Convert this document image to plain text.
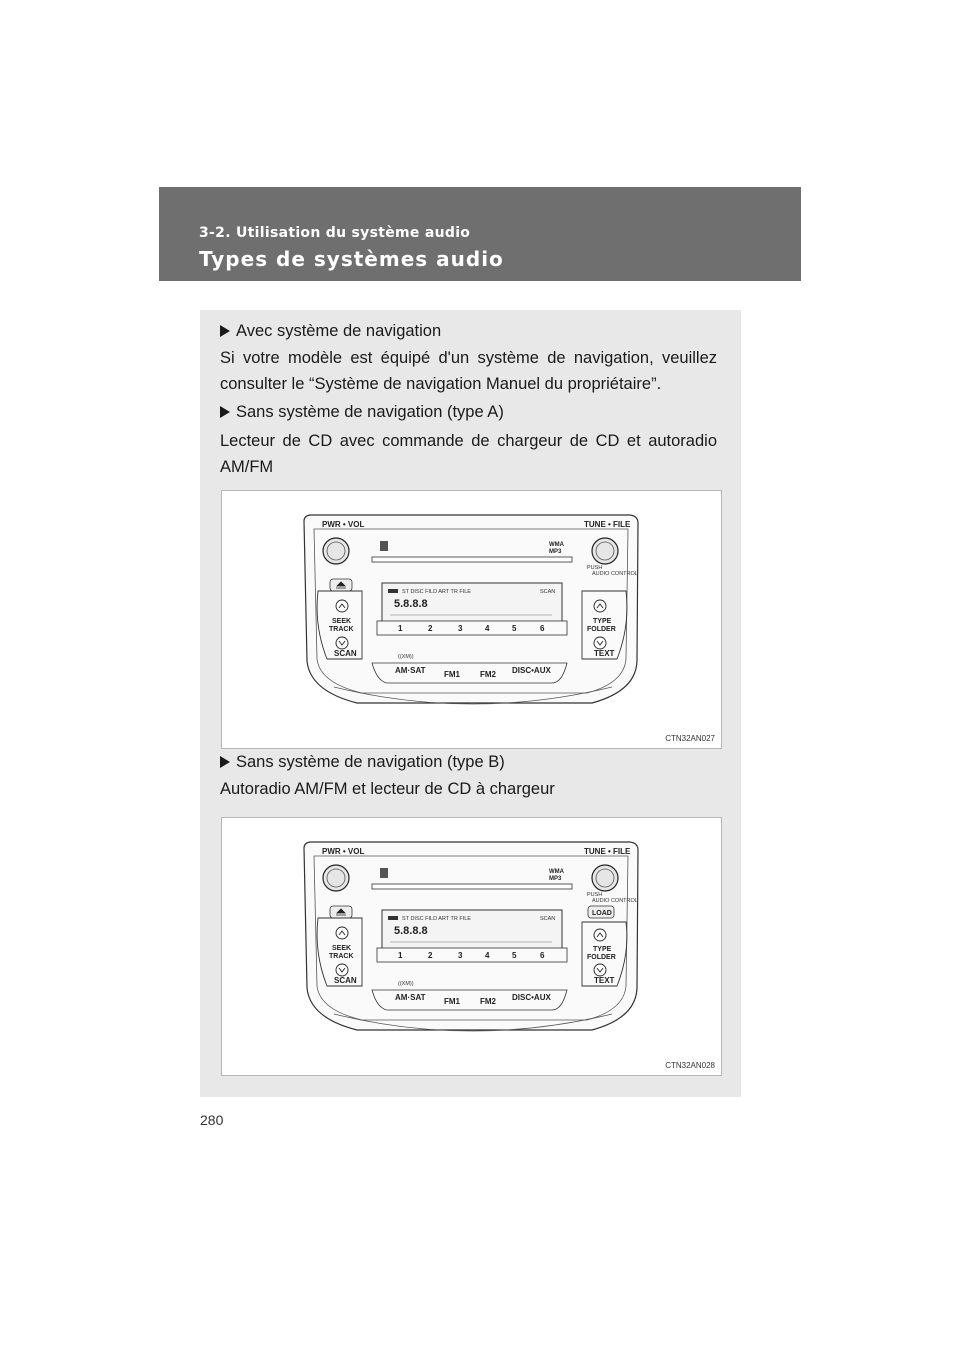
3-2. Utilisation du système audio
Types de systèmes audio
Avec système de navigation
Si votre modèle est équipé d'un système de navigation, veuillez consulter le “Système de navigation Manuel du propriétaire”.
Sans système de navigation (type A)
Lecteur de CD avec commande de chargeur de CD et autoradio AM/FM
PWR • VOL	TUNE • FILE
WMA
MP3
PUSH
AUDIO CONTROL
ST DISC FILD ART TR FILE	SCAN
5.8.8.8
SEEK
TRACK
TYPE
FOLDER
1	2	3	4	5	6
SCAN	TEXT
((XM))
AM·SAT FM1	FM2 DISC•AUX
CTN32AN027
Sans système de navigation (type B)
Autoradio AM/FM et lecteur de CD à chargeur
PWR • VOL	TUNE • FILE
WMA
MP3
PUSH
AUDIO CONTROL
LOAD
ST DISC FILD ART TR FILE	SCAN
5.8.8.8
SEEK
TRACK
TYPE
FOLDER
1	2	3	4	5	6
SCAN	TEXT
((XM))
AM·SAT FM1	FM2 DISC•AUX
CTN32AN028
280
